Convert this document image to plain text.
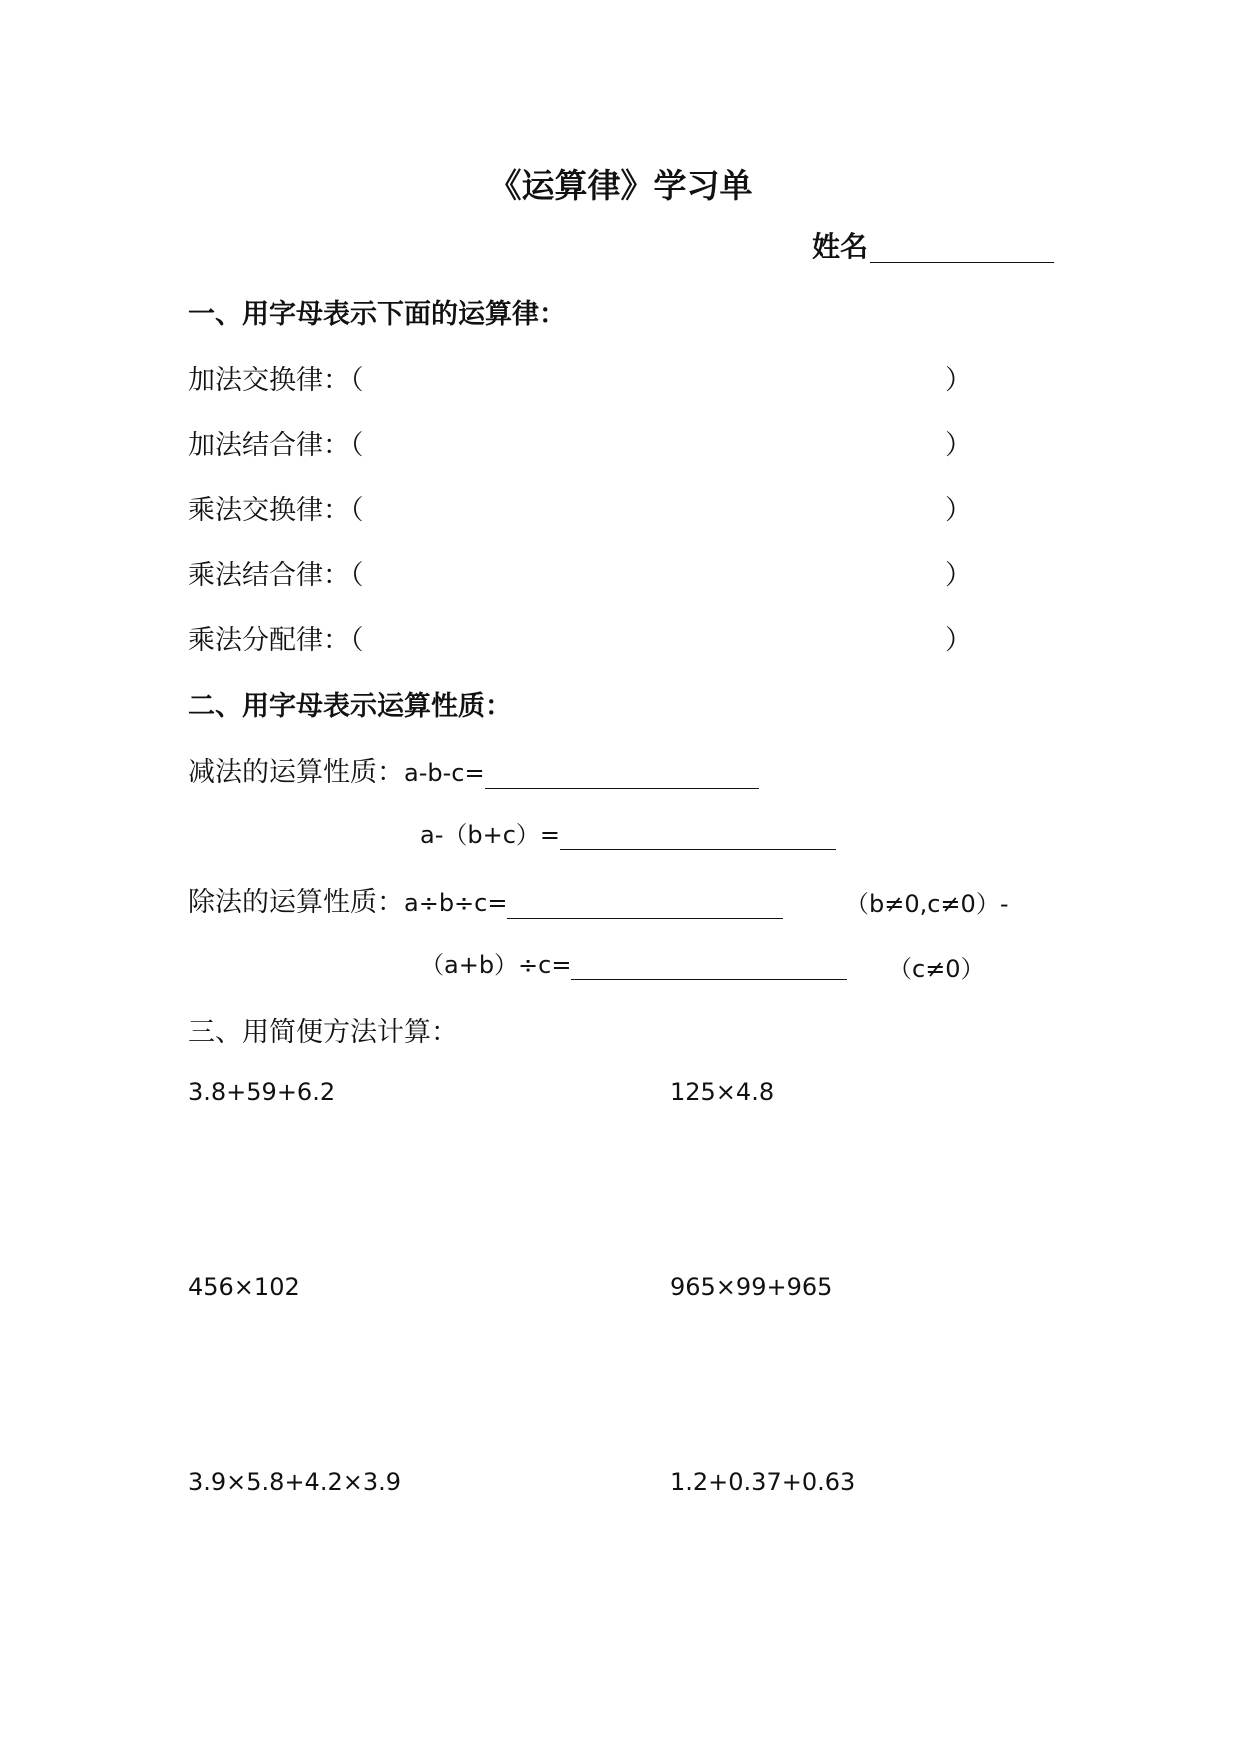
《运算律》学习单
姓名
一、用字母表示下面的运算律：
加法交换律：（	）
加法结合律：（	）
乘法交换律：（	）
乘法结合律：（	）
乘法分配律：（	）
二、用字母表示运算性质：
减法的运算性质：a-b-c=
a-（b+c）=
除法的运算性质：a÷b÷c=	（b≠0,c≠0）-
（a+b）÷c=	（c≠0）
三、用简便方法计算：
3.8+59+6.2	125×4.8
456×102	965×99+965
3.9×5.8+4.2×3.9	1.2+0.37+0.63
